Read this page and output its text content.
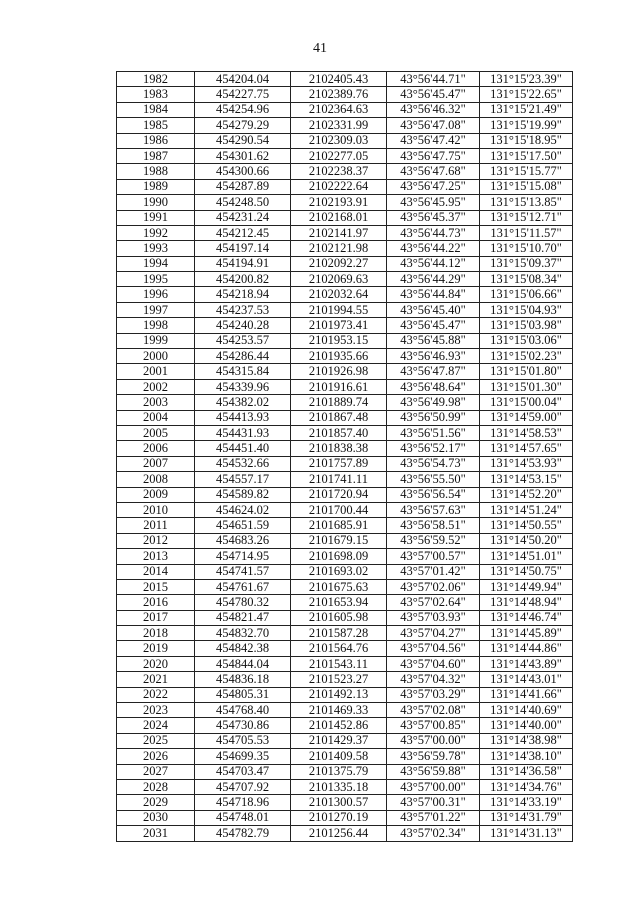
41
1982	454204.04	2102405.43	43°56'44.71"	131°15'23.39"
1983	454227.75	2102389.76	43°56'45.47"	131°15'22.65"
1984	454254.96	2102364.63	43°56'46.32"	131°15'21.49"
1985	454279.29	2102331.99	43°56'47.08"	131°15'19.99"
1986	454290.54	2102309.03	43°56'47.42"	131°15'18.95"
1987	454301.62	2102277.05	43°56'47.75"	131°15'17.50"
1988	454300.66	2102238.37	43°56'47.68"	131°15'15.77"
1989	454287.89	2102222.64	43°56'47.25"	131°15'15.08"
1990	454248.50	2102193.91	43°56'45.95"	131°15'13.85"
1991	454231.24	2102168.01	43°56'45.37"	131°15'12.71"
1992	454212.45	2102141.97	43°56'44.73"	131°15'11.57"
1993	454197.14	2102121.98	43°56'44.22"	131°15'10.70"
1994	454194.91	2102092.27	43°56'44.12"	131°15'09.37"
1995	454200.82	2102069.63	43°56'44.29"	131°15'08.34"
1996	454218.94	2102032.64	43°56'44.84"	131°15'06.66"
1997	454237.53	2101994.55	43°56'45.40"	131°15'04.93"
1998	454240.28	2101973.41	43°56'45.47"	131°15'03.98"
1999	454253.57	2101953.15	43°56'45.88"	131°15'03.06"
2000	454286.44	2101935.66	43°56'46.93"	131°15'02.23"
2001	454315.84	2101926.98	43°56'47.87"	131°15'01.80"
2002	454339.96	2101916.61	43°56'48.64"	131°15'01.30"
2003	454382.02	2101889.74	43°56'49.98"	131°15'00.04"
2004	454413.93	2101867.48	43°56'50.99"	131°14'59.00"
2005	454431.93	2101857.40	43°56'51.56"	131°14'58.53"
2006	454451.40	2101838.38	43°56'52.17"	131°14'57.65"
2007	454532.66	2101757.89	43°56'54.73"	131°14'53.93"
2008	454557.17	2101741.11	43°56'55.50"	131°14'53.15"
2009	454589.82	2101720.94	43°56'56.54"	131°14'52.20"
2010	454624.02	2101700.44	43°56'57.63"	131°14'51.24"
2011	454651.59	2101685.91	43°56'58.51"	131°14'50.55"
2012	454683.26	2101679.15	43°56'59.52"	131°14'50.20"
2013	454714.95	2101698.09	43°57'00.57"	131°14'51.01"
2014	454741.57	2101693.02	43°57'01.42"	131°14'50.75"
2015	454761.67	2101675.63	43°57'02.06"	131°14'49.94"
2016	454780.32	2101653.94	43°57'02.64"	131°14'48.94"
2017	454821.47	2101605.98	43°57'03.93"	131°14'46.74"
2018	454832.70	2101587.28	43°57'04.27"	131°14'45.89"
2019	454842.38	2101564.76	43°57'04.56"	131°14'44.86"
2020	454844.04	2101543.11	43°57'04.60"	131°14'43.89"
2021	454836.18	2101523.27	43°57'04.32"	131°14'43.01"
2022	454805.31	2101492.13	43°57'03.29"	131°14'41.66"
2023	454768.40	2101469.33	43°57'02.08"	131°14'40.69"
2024	454730.86	2101452.86	43°57'00.85"	131°14'40.00"
2025	454705.53	2101429.37	43°57'00.00"	131°14'38.98"
2026	454699.35	2101409.58	43°56'59.78"	131°14'38.10"
2027	454703.47	2101375.79	43°56'59.88"	131°14'36.58"
2028	454707.92	2101335.18	43°57'00.00"	131°14'34.76"
2029	454718.96	2101300.57	43°57'00.31"	131°14'33.19"
2030	454748.01	2101270.19	43°57'01.22"	131°14'31.79"
2031	454782.79	2101256.44	43°57'02.34"	131°14'31.13"
